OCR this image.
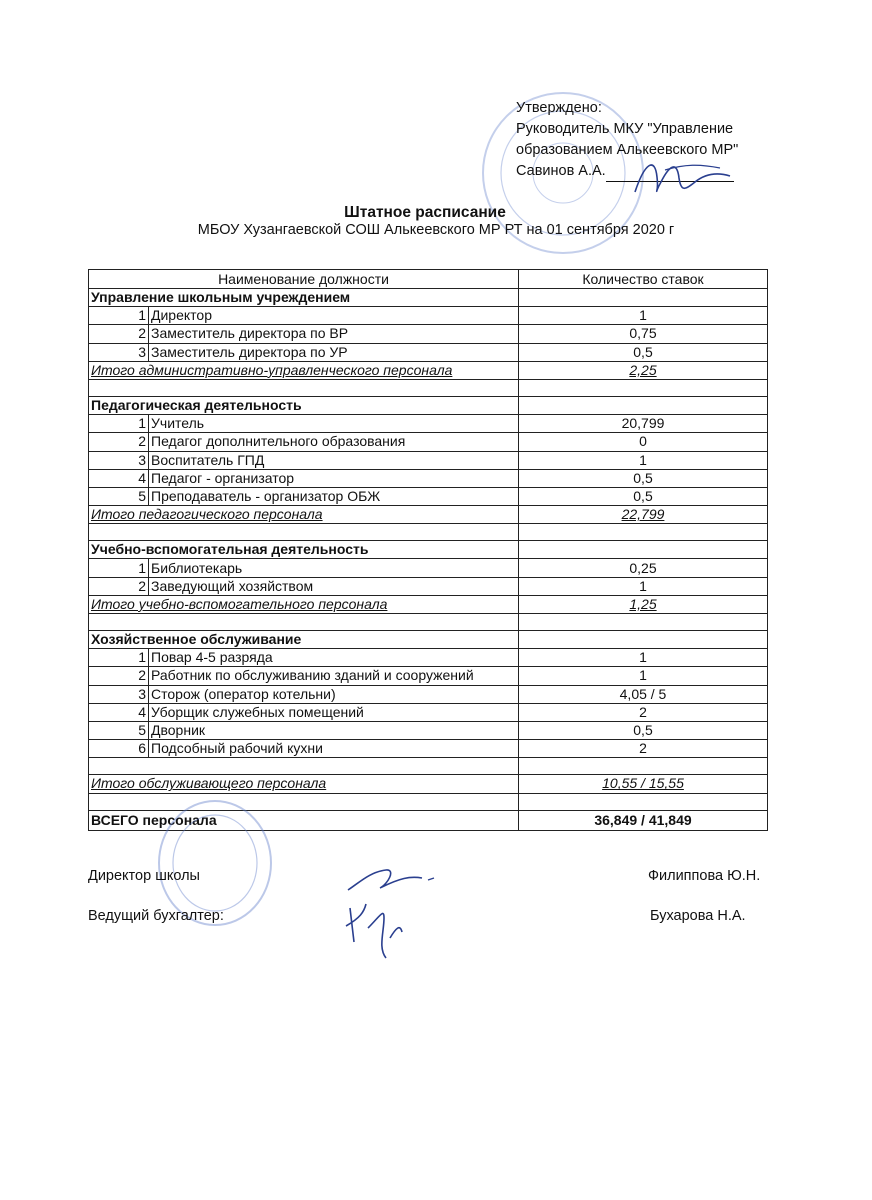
Утверждено:
Руководитель МКУ "Управление
образованием Алькеевского МР"
Савинов А.А.
Штатное расписание
МБОУ Хузангаевской СОШ Алькеевского МР РТ на 01 сентября 2020 г
Наименование должности		Количество ставок
Управление школьным учреждением		
1	Директор	1
2	Заместитель директора по ВР	0,75
3	Заместитель директора по УР	0,5
Итого административно-управленческого персонала		2,25

Педагогическая деятельность		
1	Учитель	20,799
2	Педагог дополнительного образования	0
3	Воспитатель ГПД	1
4	Педагог - организатор	0,5
5	Преподаватель - организатор ОБЖ	0,5
Итого педагогического персонала		22,799

Учебно-вспомогательная деятельность		
1	Библиотекарь	0,25
2	Заведующий хозяйством	1
Итого учебно-вспомогательного персонала		1,25

Хозяйственное обслуживание		
1	Повар 4-5 разряда	1
2	Работник по обслуживанию зданий и сооружений	1
3	Сторож (оператор котельни)	4,05 / 5
4	Уборщик служебных помещений	2
5	Дворник	0,5
6	Подсобный рабочий кухни	2

Итого обслуживающего персонала		10,55 / 15,55

ВСЕГО персонала		36,849 / 41,849
Директор школы	Филиппова Ю.Н.
Ведущий бухгалтер:	Бухарова Н.А.
